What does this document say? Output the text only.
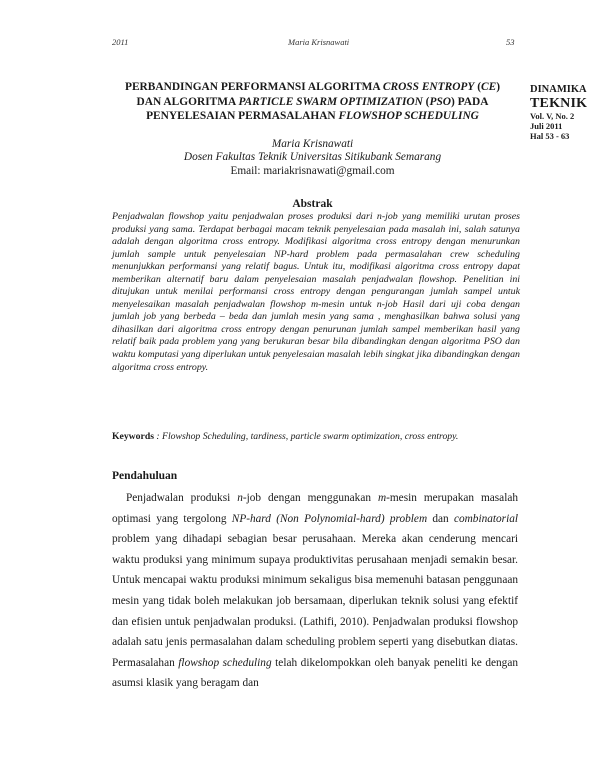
2011	Maria Krisnawati	53
PERBANDINGAN PERFORMANSI ALGORITMA CROSS ENTROPY (CE)
DAN ALGORITMA PARTICLE SWARM OPTIMIZATION (PSO) PADA
PENYELESAIAN PERMASALAHAN FLOWSHOP SCHEDULING
DINAMIKA
TEKNIK
Vol. V, No. 2
Juli 2011
Hal 53 - 63
Maria Krisnawati
Dosen Fakultas Teknik Universitas Sitikubank Semarang
Email: mariakrisnawati@gmail.com
Abstrak
Penjadwalan flowshop yaitu penjadwalan proses produksi dari n-job yang memiliki urutan proses produksi yang sama. Terdapat berbagai macam teknik penyelesaian pada masalah ini, salah satunya adalah dengan algoritma cross entropy. Modifikasi algoritma cross entropy dengan menurunkan jumlah sample untuk penyelesaian NP-hard problem pada permasalahan crew scheduling menunjukkan performansi yang relatif bagus. Untuk itu, modifikasi algoritma cross entropy dapat memberikan alternatif baru dalam penyelesaian masalah penjadwalan flowshop. Penelitian ini ditujukan untuk menilai performansi cross entropy dengan pengurangan jumlah sampel untuk menyelesaikan masalah penjadwalan flowshop m-mesin untuk n-job Hasil dari uji coba dengan jumlah job yang berbeda – beda dan jumlah mesin yang sama , menghasilkan bahwa solusi yang dihasilkan dari algoritma cross entropy dengan penurunan jumlah sampel memberikan hasil yang relatif baik pada problem yang yang berukuran besar bila dibandingkan dengan algoritma PSO dan waktu komputasi yang diperlukan untuk penyelesaian masalah lebih singkat jika dibandingkan dengan algoritma cross entropy.
Keywords : Flowshop Scheduling, tardiness, particle swarm optimization, cross entropy.
Pendahuluan
Penjadwalan produksi n-job dengan menggunakan m-mesin merupakan masalah optimasi yang tergolong NP-hard (Non Polynomial-hard) problem dan combinatorial problem yang dihadapi sebagian besar perusahaan. Mereka akan cenderung mencari waktu produksi yang minimum supaya produktivitas perusahaan menjadi semakin besar. Untuk mencapai waktu produksi minimum sekaligus bisa memenuhi batasan penggunaan mesin yang tidak boleh melakukan job bersamaan, diperlukan teknik solusi yang efektif dan efisien untuk penjadwalan produksi. (Lathifi, 2010). Penjadwalan produksi flowshop adalah satu jenis permasalahan dalam scheduling problem seperti yang disebutkan diatas. Permasalahan flowshop scheduling telah dikelompokkan oleh banyak peneliti ke dengan asumsi klasik yang beragam dan
